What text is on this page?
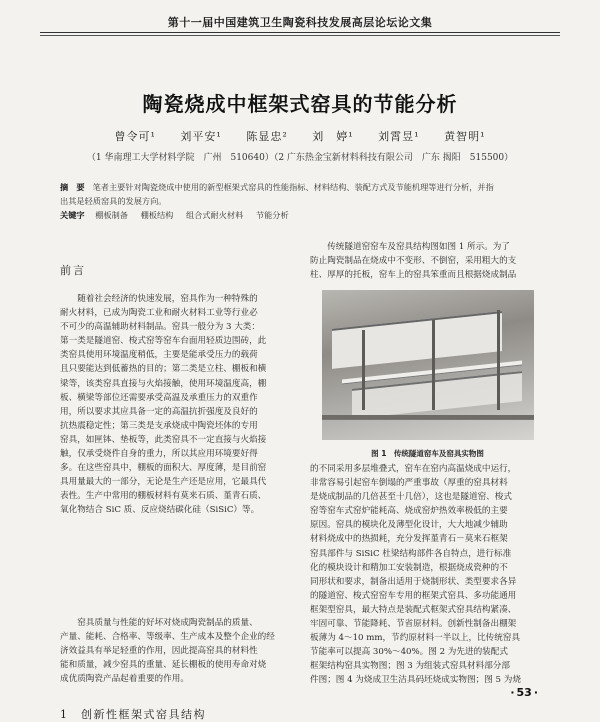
第十一届中国建筑卫生陶瓷科技发展高层论坛论文集
陶瓷烧成中框架式窑具的节能分析
曾令可¹ 刘平安¹ 陈显忠² 刘　婷¹ 刘霄昱¹ 黄智明¹
（1 华南理工大学材料学院　广州　510640）（2 广东热金宝新材料科技有限公司　广东 揭阳　515500）
摘　要 笔者主要针对陶瓷烧成中使用的新型框架式窑具的性能指标、材料结构、装配方式及节能机理等进行分析，并指
出其是轻质窑具的发展方向。
关键字 棚板制备 棚板结构 组合式耐火材料 节能分析
前言
　　随着社会经济的快速发展，窑具作为一种特殊的
耐火材料，已成为陶瓷工业和耐火材料工业等行业必
不可少的高温辅助材料制品。窑具一般分为 3 大类：
第一类是隧道窑、梭式窑等窑车台面用轻质边围砖，此
类窑具使用环境温度稍低，主要是能承受压力的载荷
且只要能达到低蓄热的目的；第二类是立柱、棚板和横
梁等，该类窑具直接与火焰接触，使用环境温度高，棚
板、横梁等部位还需要承受高温及承重压力的双重作
用，所以要求其应具备一定的高温抗折强度及良好的
抗热震稳定性；第三类是支承烧成中陶瓷坯体的专用
窑具，如匣钵、垫板等，此类窑具不一定直接与火焰接
触，仅承受烧件自身的重力，所以其应用环境要好得
多。在这些窑具中，棚板的面积大、厚度薄，是目前窑
具用量最大的一部分，无论是生产还是应用，它最具代
表性。生产中常用的棚板材料有莫来石质、堇青石质、
氧化物结合 SiC 质、反应烧结碳化硅（SiSiC）等。
　　窑具质量与性能的好坏对烧成陶瓷制品的质量、
产量、能耗、合格率、等级率、生产成本及整个企业的经
济效益具有举足轻重的作用，因此提高窑具的材料性
能和质量，减少窑具的重量、延长棚板的使用寿命对烧
成优质陶瓷产品起着重要的作用。
1　创新性框架式窑具结构
　　传统隧道窑窑车及窑具结构图如图 1 所示。为了
防止陶瓷制品在烧成中不变形、不倒窑，采用粗大的支
柱、厚厚的托板，窑车上的窑具笨重而且根据烧成制品
图 1　传统隧道窑车及窑具实物图
的不同采用多层堆叠式，窑车在窑内高温烧成中运行，
非常容易引起窑车倒塌的严重事故（厚重的窑具材料
是烧成制品的几倍甚至十几倍），这也是隧道窑、梭式
窑等窑车式窑炉能耗高、烧成窑炉热效率极低的主要
原因。窑具的模块化及薄型化设计，大大地减少辅助
材料烧成中的热损耗，充分发挥堇青石－莫来石框架
窑具部件与 SiSiC 杜梁结构部件各自特点，进行标准
化的模块设计和精加工安装制造，根据烧成瓷种的不
同形状和要求，制备出适用于烧制形状、类型要求各异
的隧道窑、梭式窑窑车专用的框架式窑具、多功能通用
框架型窑具，最大特点是装配式框架式窑具结构紧凑、
牢固可靠、节能降耗、节省原材料。创新性制备出棚架
板薄为 4～10 mm，节约原材料一半以上，比传统窑具
节能率可以提高 30%～40%。图 2 为先进的装配式
框架结构窑具实物图；图 3 为组装式窑具材料部分部
件图；图 4 为烧成卫生洁具码坯烧成实物图；图 5 为烧
· 53 ·
